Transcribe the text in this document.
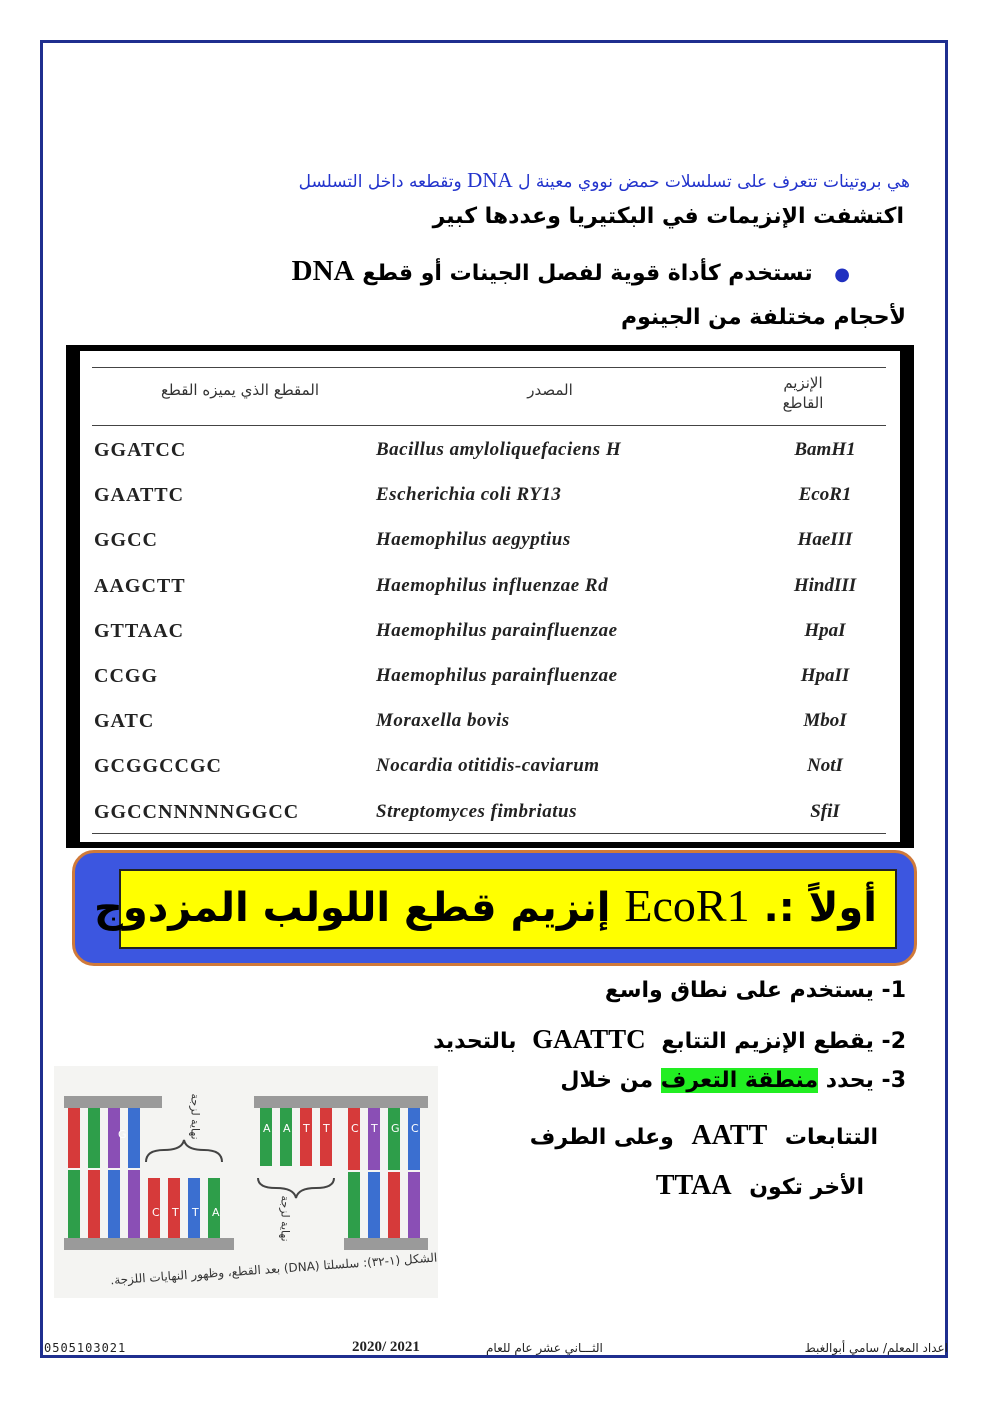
هي بروتينات تتعرف على تسلسلات حمض نووي معينة ل DNA وتقطعه داخل التسلسل
اكتشفت الإنزيمات في البكتيريا وعددها كبير
● تستخدم كأداة قوية لفصل الجينات أو قطع DNA
لأحجام مختلفة من الجينوم
المقطع الذي يميزه القطع	المصدر	الإنزيم القاطع
GGATCC	Bacillus amyloliquefaciens H	BamH1
GAATTC	Escherichia coli RY13	EcoR1
GGCC	Haemophilus aegyptius	HaeIII
AAGCTT	Haemophilus influenzae Rd	HindIII
GTTAAC	Haemophilus parainfluenzae	HpaI
CCGG	Haemophilus parainfluenzae	HpaII
GATC	Moraxella bovis	MboI
GCGGCCGC	Nocardia otitidis-caviarum	NotI
GGCCNNNNNGGCC	Streptomyces fimbriatus	SfiI
أولاً :. EcoR1 إنزيم قطع اللولب المزدوج
1- يستخدم على نطاق واسع
2- يقطع الإنزيم التتابع GAATTC بالتحديد
3- يحدد منطقة التعرف من خلال
التتابعات AATT وعلى الطرف
الأخر تكون TTAA
G
C T T A
A A T T C T G C
نهاية لزجة
نهاية لزجة
الشكل (١-٣٢): سلسلتا (DNA) بعد القطع، وظهور النهايات اللزجة.
اعداد المعلم/ سامي أبوالغبط
الثـــاني عشر عام للعام
2020/ 2021
0505103021
